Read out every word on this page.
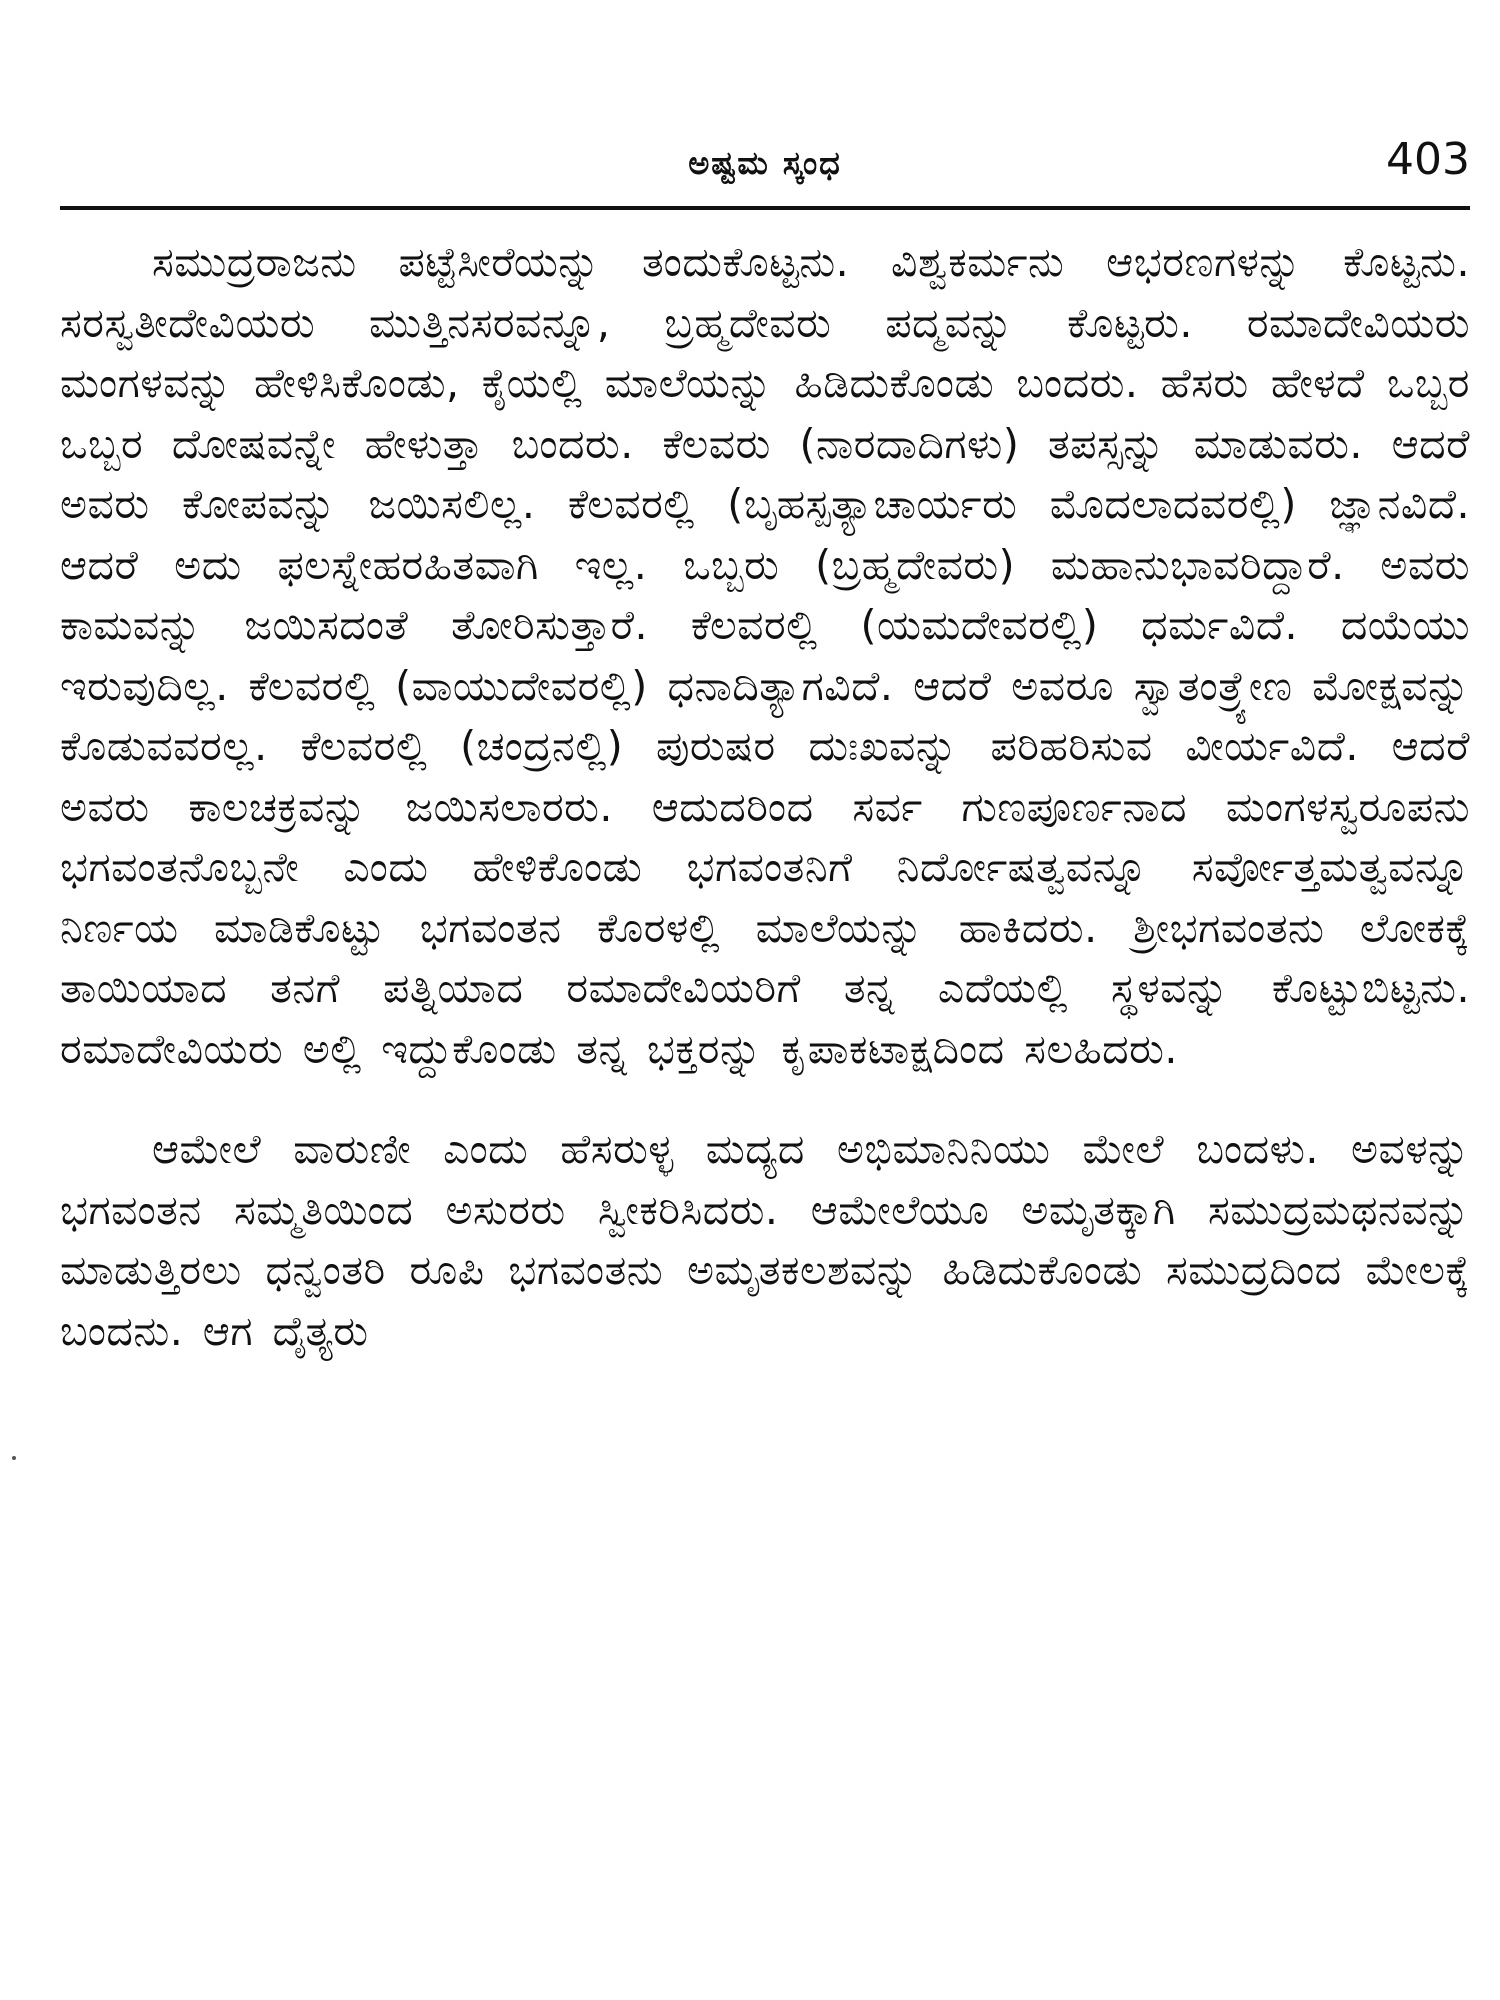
ಅಷ್ಟಮ ಸ್ಕಂಧ	403

ಸಮುದ್ರರಾಜನು ಪಟ್ಟೆಸೀರೆಯನ್ನು ತಂದುಕೊಟ್ಟನು. ವಿಶ್ವಕರ್ಮನು ಆಭರಣಗಳನ್ನು ಕೊಟ್ಟನು. ಸರಸ್ವತೀದೇವಿಯರು ಮುತ್ತಿನಸರವನ್ನೂ, ಬ್ರಹ್ಮದೇವರು ಪದ್ಮವನ್ನು ಕೊಟ್ಟರು. ರಮಾದೇವಿಯರು ಮಂಗಳವನ್ನು ಹೇಳಿಸಿಕೊಂಡು, ಕೈಯಲ್ಲಿ ಮಾಲೆಯನ್ನು ಹಿಡಿದುಕೊಂಡು ಬಂದರು. ಹೆಸರು ಹೇಳದೆ ಒಬ್ಬರ ಒಬ್ಬರ ದೋಷವನ್ನೇ ಹೇಳುತ್ತಾ ಬಂದರು. ಕೆಲವರು (ನಾರದಾದಿಗಳು) ತಪಸ್ಸನ್ನು ಮಾಡುವರು. ಆದರೆ ಅವರು ಕೋಪವನ್ನು ಜಯಿಸಲಿಲ್ಲ. ಕೆಲವರಲ್ಲಿ (ಬೃಹಸ್ಪತ್ಯಾಚಾರ್ಯರು ಮೊದಲಾದವರಲ್ಲಿ) ಜ್ಞಾನವಿದೆ. ಆದರೆ ಅದು ಫಲಸ್ನೇಹರಹಿತವಾಗಿ ಇಲ್ಲ. ಒಬ್ಬರು (ಬ್ರಹ್ಮದೇವರು) ಮಹಾನುಭಾವರಿದ್ದಾರೆ. ಅವರು ಕಾಮವನ್ನು ಜಯಿಸದಂತೆ ತೋರಿಸುತ್ತಾರೆ. ಕೆಲವರಲ್ಲಿ (ಯಮದೇವರಲ್ಲಿ) ಧರ್ಮವಿದೆ. ದಯೆಯು ಇರುವುದಿಲ್ಲ. ಕೆಲವರಲ್ಲಿ (ವಾಯುದೇವರಲ್ಲಿ) ಧನಾದಿತ್ಯಾಗವಿದೆ. ಆದರೆ ಅವರೂ ಸ್ವಾತಂತ್ರ್ಯೇಣ ಮೋಕ್ಷವನ್ನು ಕೊಡುವವರಲ್ಲ. ಕೆಲವರಲ್ಲಿ (ಚಂದ್ರನಲ್ಲಿ) ಪುರುಷರ ದುಃಖವನ್ನು ಪರಿಹರಿಸುವ ವೀರ್ಯವಿದೆ. ಆದರೆ ಅವರು ಕಾಲಚಕ್ರವನ್ನು ಜಯಿಸಲಾರರು. ಆದುದರಿಂದ ಸರ್ವ ಗುಣಪೂರ್ಣನಾದ ಮಂಗಳಸ್ವರೂಪನು ಭಗವಂತನೊಬ್ಬನೇ ಎಂದು ಹೇಳಿಕೊಂಡು ಭಗವಂತನಿಗೆ ನಿರ್ದೋಷತ್ವವನ್ನೂ ಸರ್ವೋತ್ತಮತ್ವವನ್ನೂ ನಿರ್ಣಯ ಮಾಡಿಕೊಟ್ಟು ಭಗವಂತನ ಕೊರಳಲ್ಲಿ ಮಾಲೆಯನ್ನು ಹಾಕಿದರು. ಶ್ರೀಭಗವಂತನು ಲೋಕಕ್ಕೆ ತಾಯಿಯಾದ ತನಗೆ ಪತ್ನಿಯಾದ ರಮಾದೇವಿಯರಿಗೆ ತನ್ನ ಎದೆಯಲ್ಲಿ ಸ್ಥಳವನ್ನು ಕೊಟ್ಟುಬಿಟ್ಟನು. ರಮಾದೇವಿಯರು ಅಲ್ಲಿ ಇದ್ದುಕೊಂಡು ತನ್ನ ಭಕ್ತರನ್ನು ಕೃಪಾಕಟಾಕ್ಷದಿಂದ ಸಲಹಿದರು.

ಆಮೇಲೆ ವಾರುಣೀ ಎಂದು ಹೆಸರುಳ್ಳ ಮದ್ಯದ ಅಭಿಮಾನಿನಿಯು ಮೇಲೆ ಬಂದಳು. ಅವಳನ್ನು ಭಗವಂತನ ಸಮ್ಮತಿಯಿಂದ ಅಸುರರು ಸ್ವೀಕರಿಸಿದರು. ಆಮೇಲೆಯೂ ಅಮೃತಕ್ಕಾಗಿ ಸಮುದ್ರಮಥನವನ್ನು ಮಾಡುತ್ತಿರಲು ಧನ್ವಂತರಿ ರೂಪಿ ಭಗವಂತನು ಅಮೃತಕಲಶವನ್ನು ಹಿಡಿದುಕೊಂಡು ಸಮುದ್ರದಿಂದ ಮೇಲಕ್ಕೆ ಬಂದನು. ಆಗ ದೈತ್ಯರು
